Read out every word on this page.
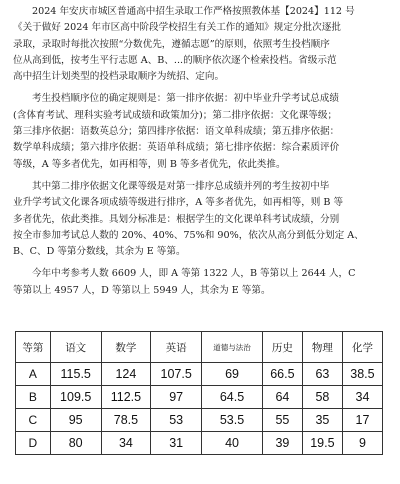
2024 年安庆市城区普通高中招生录取工作严格按照教体基【2024】112 号
《关于做好 2024 年市区高中阶段学校招生有关工作的通知》规定分批次逐批
录取，录取时每批次按照“分数优先，遵循志愿”的原则，依照考生投档顺序
位从高到低，按考生平行志愿 A、B、...的顺序依次逐个检索投档。省级示范
高中招生计划类型的投档录取顺序为统招、定向。
考生投档顺序位的确定规则是：第一排序依据：初中毕业升学考试总成绩
(含体育考试、理科实验考试成绩和政策加分)；第二排序依据：文化课等级；
第三排序依据：语数英总分；第四排序依据：语文单科成绩；第五排序依据：
数学单科成绩；第六排序依据：英语单科成绩；第七排序依据：综合素质评价
等级，A 等多者优先，如再相等，则 B 等多者优先，依此类推。
其中第二排序依据文化课等级是对第一排序总成绩并列的考生按初中毕
业升学考试文化课各项成绩等级进行排序，A 等多者优先，如再相等，则 B 等
多者优先，依此类推。具划分标准是：根据学生的文化课单科考试成绩，分别
按全市参加考试总人数的 20%、40%、75%和 90%，依次从高分到低分划定 A、
B、C、D 等第分数线，其余为 E 等第。
今年中考参考人数 6609 人，即 A 等第 1322 人，B 等第以上 2644 人，C
等第以上 4957 人，D 等第以上 5949 人，其余为 E 等第。
等第	语文	数学	英语	道德与法治	历史	物理	化学
A	115.5	124	107.5	69	66.5	63	38.5
B	109.5	112.5	97	64.5	64	58	34
C	95	78.5	53	53.5	55	35	17
D	80	34	31	40	39	19.5	9
